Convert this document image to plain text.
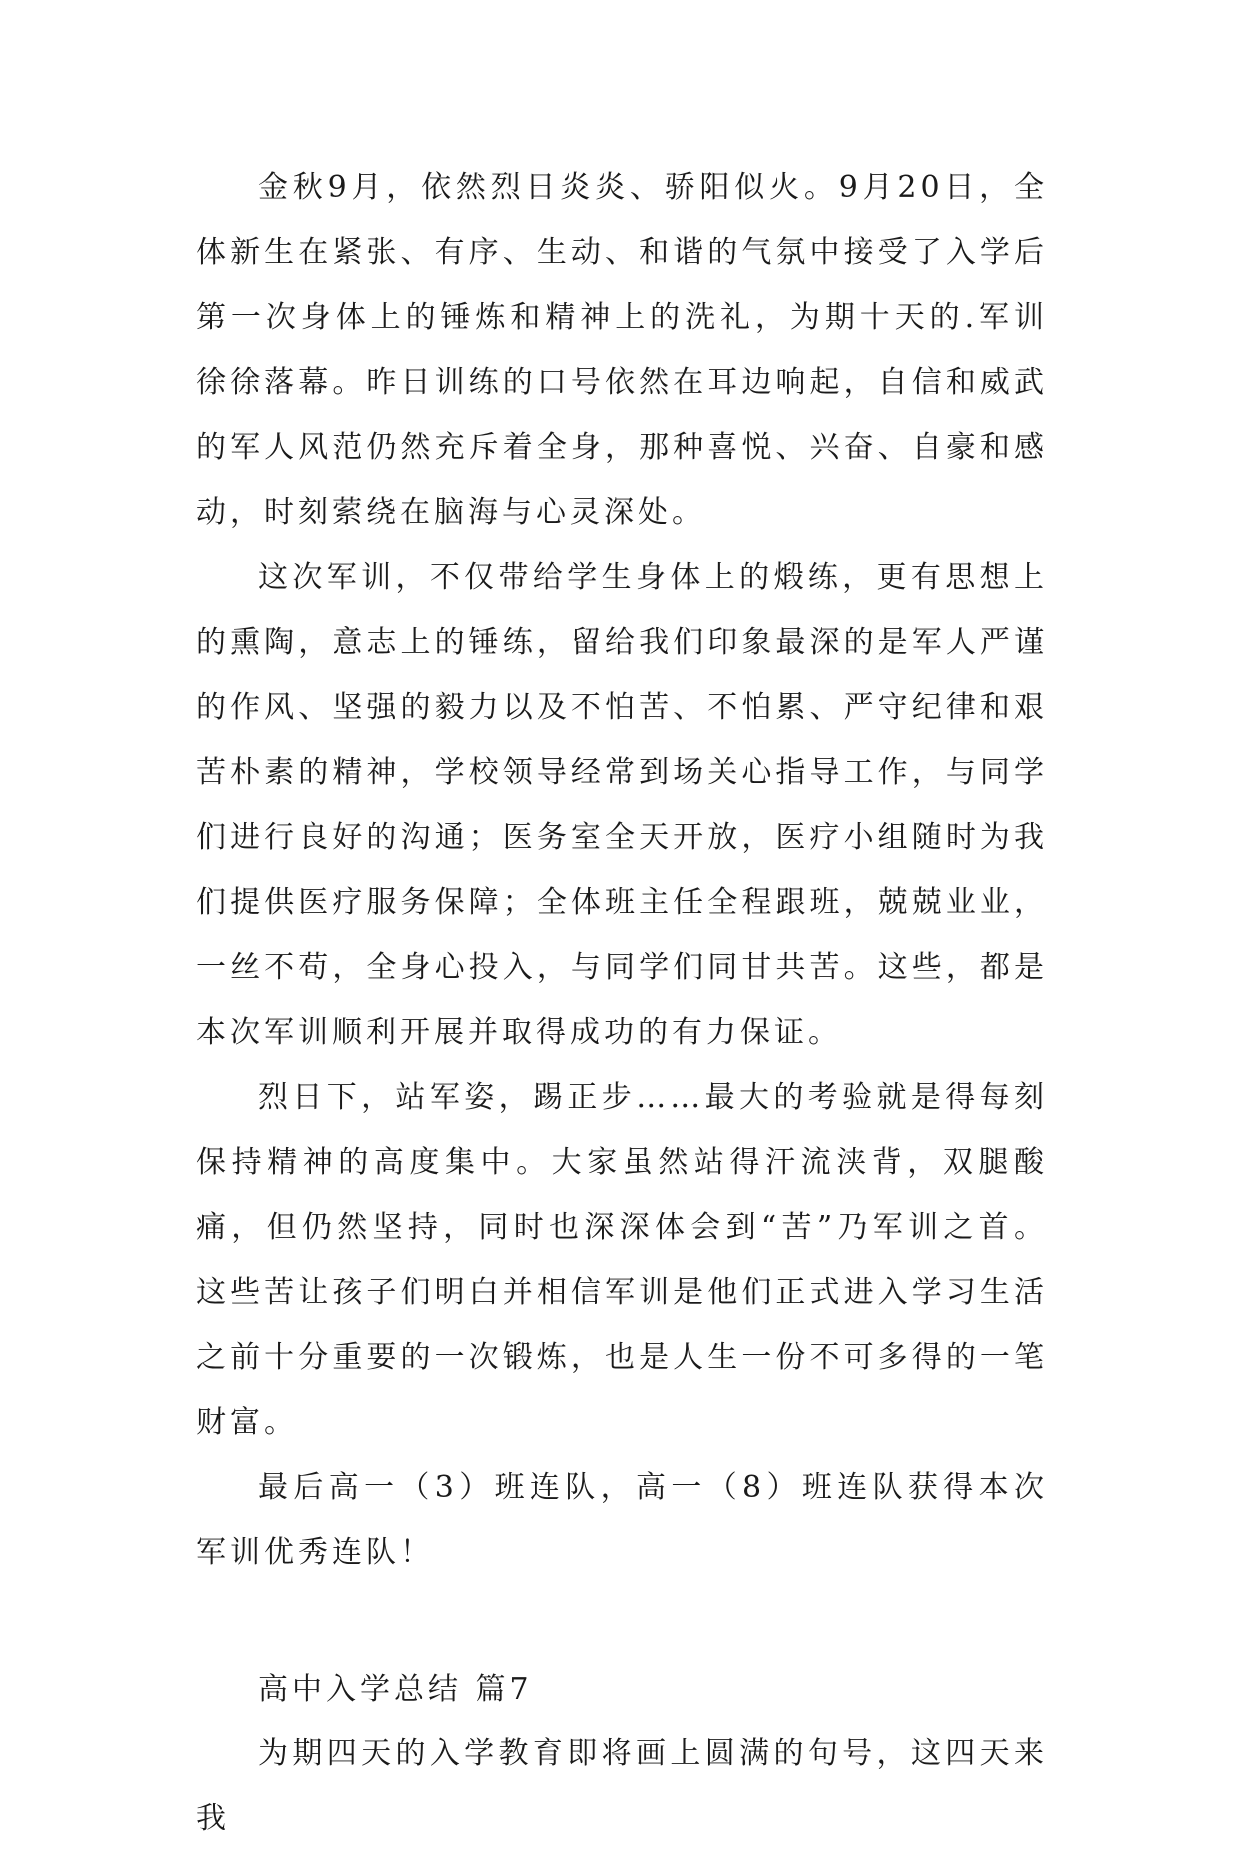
金秋9月，依然烈日炎炎、骄阳似火。9月20日，全体新生在紧张、有序、生动、和谐的气氛中接受了入学后第一次身体上的锤炼和精神上的洗礼，为期十天的.军训徐徐落幕。昨日训练的口号依然在耳边响起，自信和威武的军人风范仍然充斥着全身，那种喜悦、兴奋、自豪和感动，时刻萦绕在脑海与心灵深处。

这次军训，不仅带给学生身体上的煅练，更有思想上的熏陶，意志上的锤练，留给我们印象最深的是军人严谨的作风、坚强的毅力以及不怕苦、不怕累、严守纪律和艰苦朴素的精神，学校领导经常到场关心指导工作，与同学们进行良好的沟通；医务室全天开放，医疗小组随时为我们提供医疗服务保障；全体班主任全程跟班，兢兢业业，一丝不苟，全身心投入，与同学们同甘共苦。这些，都是本次军训顺利开展并取得成功的有力保证。

烈日下，站军姿，踢正步……最大的考验就是得每刻保持精神的高度集中。大家虽然站得汗流浃背，双腿酸痛，但仍然坚持，同时也深深体会到“苦”乃军训之首。这些苦让孩子们明白并相信军训是他们正式进入学习生活之前十分重要的一次锻炼，也是人生一份不可多得的一笔财富。

最后高一（3）班连队，高一（8）班连队获得本次军训优秀连队！

高中入学总结 篇7

为期四天的入学教育即将画上圆满的句号，这四天来我
